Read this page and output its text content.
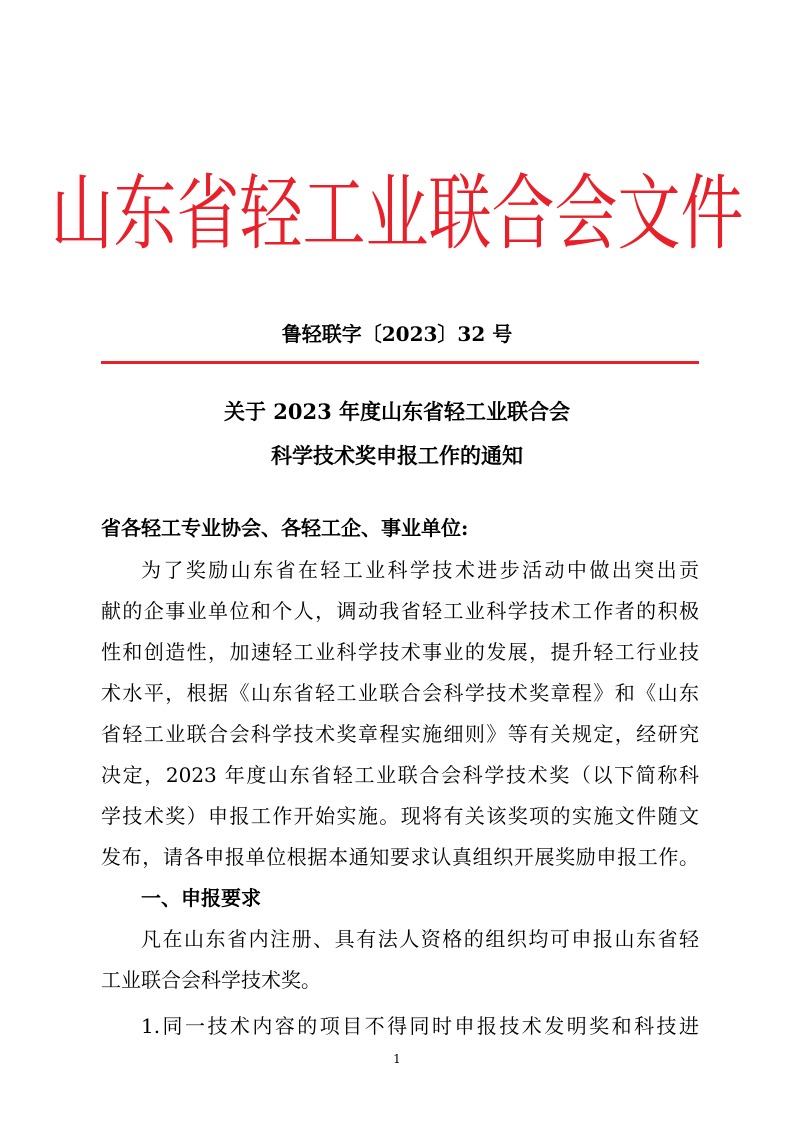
山东省轻工业联合会文件
鲁轻联字〔2023〕32 号
关于 2023 年度山东省轻工业联合会
科学技术奖申报工作的通知
省各轻工专业协会、各轻工企、事业单位:
为了奖励山东省在轻工业科学技术进步活动中做出突出贡
献的企事业单位和个人，调动我省轻工业科学技术工作者的积极
性和创造性，加速轻工业科学技术事业的发展，提升轻工行业技
术水平，根据《山东省轻工业联合会科学技术奖章程》和《山东
省轻工业联合会科学技术奖章程实施细则》等有关规定，经研究
决定，2023 年度山东省轻工业联合会科学技术奖（以下简称科
学技术奖）申报工作开始实施。现将有关该奖项的实施文件随文
发布，请各申报单位根据本通知要求认真组织开展奖励申报工作。
一、申报要求
凡在山东省内注册、具有法人资格的组织均可申报山东省轻
工业联合会科学技术奖。
1.同一技术内容的项目不得同时申报技术发明奖和科技进
1
